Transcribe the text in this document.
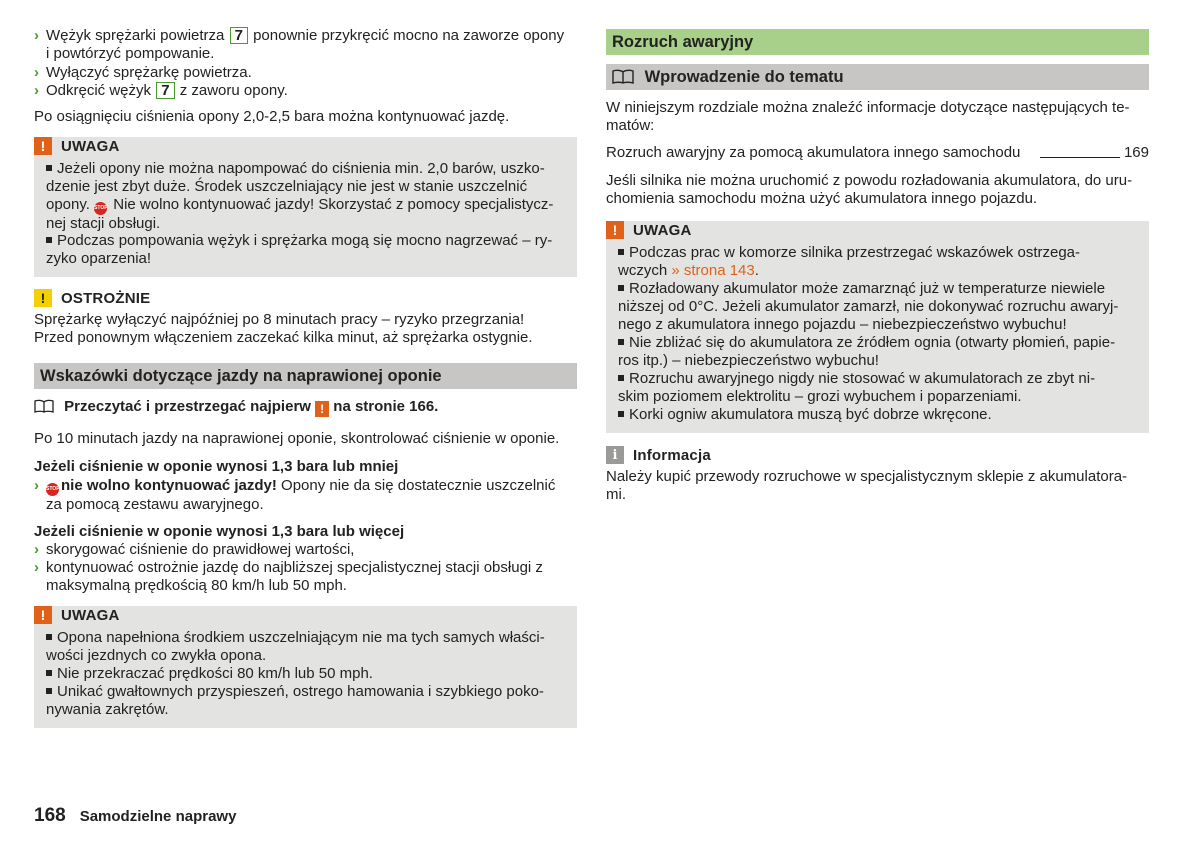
› Wężyk sprężarki powietrza 7 ponownie przykręcić mocno na zaworze opony
i powtórzyć pompowanie.
› Wyłączyć sprężarkę powietrza.
› Odkręcić wężyk 7 z zaworu opony.
Po osiągnięciu ciśnienia opony 2,0-2,5 bara można kontynuować jazdę.
!	UWAGA
Jeżeli opony nie można napompować do ciśnienia min. 2,0 barów, uszko-
dzenie jest zbyt duże. Środek uszczelniający nie jest w stanie uszczelnić
opony. STOP Nie wolno kontynuować jazdy! Skorzystać z pomocy specjalistycz-
nej stacji obsługi.
Podczas pompowania wężyk i sprężarka mogą się mocno nagrzewać – ry-
zyko oparzenia!
!	OSTROŻNIE
Sprężarkę wyłączyć najpóźniej po 8 minutach pracy – ryzyko przegrzania!
Przed ponownym włączeniem zaczekać kilka minut, aż sprężarka ostygnie.
Wskazówki dotyczące jazdy na naprawionej oponie
Przeczytać i przestrzegać najpierw ! na stronie 166.
Po 10 minutach jazdy na naprawionej oponie, skontrolować ciśnienie w oponie.
Jeżeli ciśnienie w oponie wynosi 1,3 bara lub mniej
› STOPnie wolno kontynuować jazdy! Opony nie da się dostatecznie uszczelnić
za pomocą zestawu awaryjnego.
Jeżeli ciśnienie w oponie wynosi 1,3 bara lub więcej
› skorygować ciśnienie do prawidłowej wartości,
› kontynuować ostrożnie jazdę do najbliższej specjalistycznej stacji obsługi z
maksymalną prędkością 80 km/h lub 50 mph.
!	UWAGA
Opona napełniona środkiem uszczelniającym nie ma tych samych właści-
wości jezdnych co zwykła opona.
Nie przekraczać prędkości 80 km/h lub 50 mph.
Unikać gwałtownych przyspieszeń, ostrego hamowania i szybkiego poko-
nywania zakrętów.
Rozruch awaryjny
Wprowadzenie do tematu
W niniejszym rozdziale można znaleźć informacje dotyczące następujących te-
matów:
Rozruch awaryjny za pomocą akumulatora innego samochodu	169
Jeśli silnika nie można uruchomić z powodu rozładowania akumulatora, do uru-
chomienia samochodu można użyć akumulatora innego pojazdu.
!	UWAGA
Podczas prac w komorze silnika przestrzegać wskazówek ostrzega-
wczych » strona 143.
Rozładowany akumulator może zamarznąć już w temperaturze niewiele
niższej od 0°C. Jeżeli akumulator zamarzł, nie dokonywać rozruchu awaryj-
nego z akumulatora innego pojazdu – niebezpieczeństwo wybuchu!
Nie zbliżać się do akumulatora ze źródłem ognia (otwarty płomień, papie-
ros itp.) – niebezpieczeństwo wybuchu!
Rozruchu awaryjnego nigdy nie stosować w akumulatorach ze zbyt ni-
skim poziomem elektrolitu – grozi wybuchem i poparzeniami.
Korki ogniw akumulatora muszą być dobrze wkręcone.
i	Informacja
Należy kupić przewody rozruchowe w specjalistycznym sklepie z akumulatora-
mi.
168 Samodzielne naprawy
